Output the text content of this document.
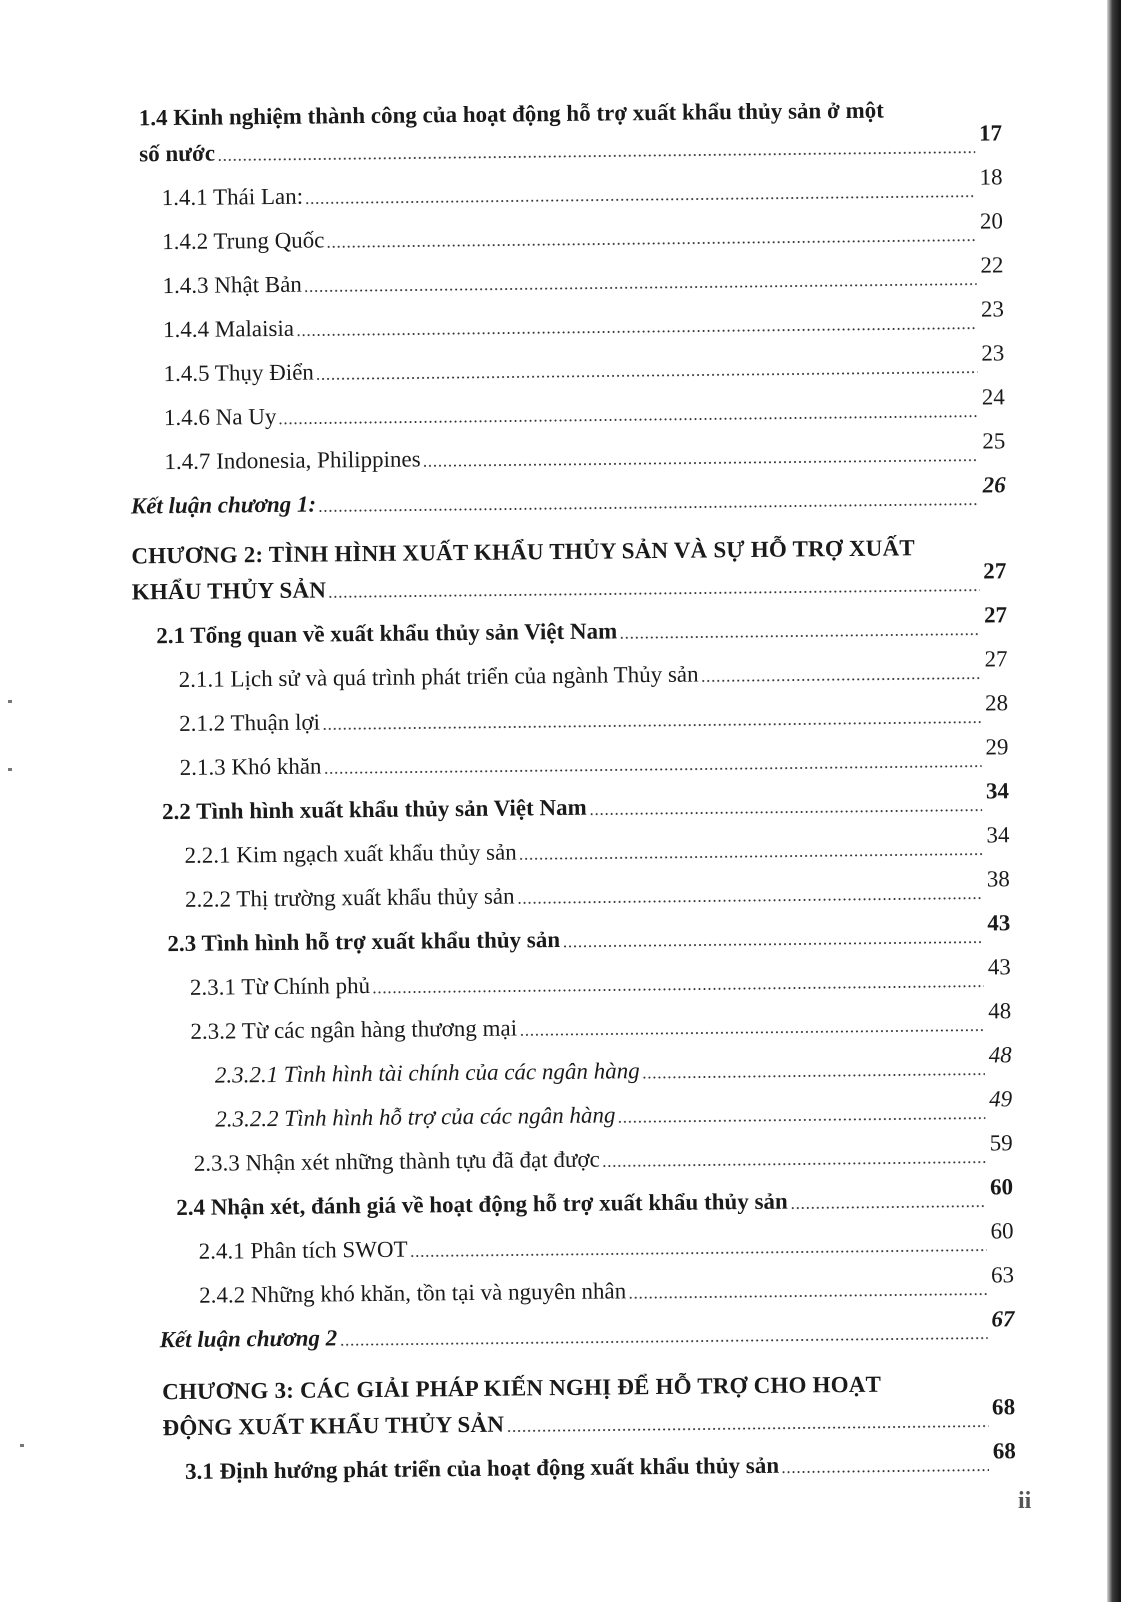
1.4 Kinh nghiệm thành công của hoạt động hỗ trợ xuất khẩu thủy sản ở một
số nước
17
1.4.1 Thái Lan:
18
1.4.2 Trung Quốc
20
1.4.3 Nhật Bản
22
1.4.4 Malaisia
23
1.4.5 Thụy Điển
23
1.4.6 Na Uy
24
1.4.7 Indonesia, Philippines
25
Kết luận chương 1:
26
CHƯƠNG 2: TÌNH HÌNH XUẤT KHẨU THỦY SẢN VÀ SỰ HỖ TRỢ XUẤT
KHẨU THỦY SẢN
27
2.1 Tổng quan về xuất khẩu thủy sản Việt Nam
27
2.1.1 Lịch sử và quá trình phát triển của ngành Thủy sản
27
2.1.2 Thuận lợi
28
2.1.3 Khó khăn
29
2.2 Tình hình xuất khẩu thủy sản Việt Nam
34
2.2.1 Kim ngạch xuất khẩu thủy sản
34
2.2.2 Thị trường xuất khẩu thủy sản
38
2.3 Tình hình hỗ trợ xuất khẩu thủy sản
43
2.3.1 Từ Chính phủ
43
2.3.2 Từ các ngân hàng thương mại
48
2.3.2.1 Tình hình tài chính của các ngân hàng
48
2.3.2.2 Tình hình hỗ trợ của các ngân hàng
49
2.3.3 Nhận xét những thành tựu đã đạt được
59
2.4 Nhận xét, đánh giá về hoạt động hỗ trợ xuất khẩu thủy sản
60
2.4.1 Phân tích SWOT
60
2.4.2 Những khó khăn, tồn tại và nguyên nhân
63
Kết luận chương 2
67
CHƯƠNG 3: CÁC GIẢI PHÁP KIẾN NGHỊ ĐỂ HỖ TRỢ CHO HOẠT
ĐỘNG XUẤT KHẨU THỦY SẢN
68
3.1 Định hướng phát triển của hoạt động xuất khẩu thủy sản
68
ii
